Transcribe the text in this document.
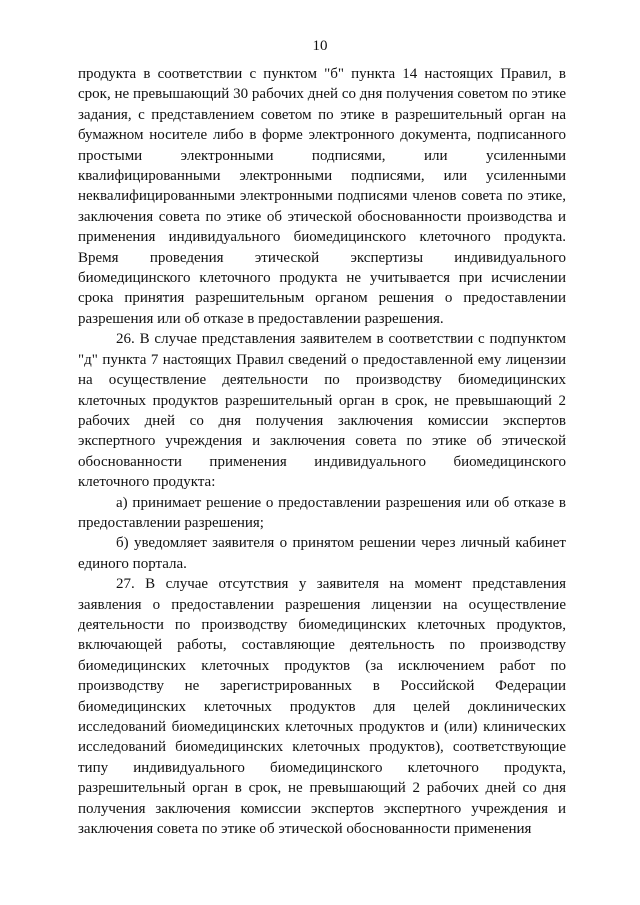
10

продукта в соответствии с пунктом "б" пункта 14 настоящих Правил, в срок, не превышающий 30 рабочих дней со дня получения советом по этике задания, с представлением советом по этике в разрешительный орган на бумажном носителе либо в форме электронного документа, подписанного простыми электронными подписями, или усиленными квалифицированными электронными подписями, или усиленными неквалифицированными электронными подписями членов совета по этике, заключения совета по этике об этической обоснованности производства и применения индивидуального биомедицинского клеточного продукта. Время проведения этической экспертизы индивидуального биомедицинского клеточного продукта не учитывается при исчислении срока принятия разрешительным органом решения о предоставлении разрешения или об отказе в предоставлении разрешения.

26. В случае представления заявителем в соответствии с подпунктом "д" пункта 7 настоящих Правил сведений о предоставленной ему лицензии на осуществление деятельности по производству биомедицинских клеточных продуктов разрешительный орган в срок, не превышающий 2 рабочих дней со дня получения заключения комиссии экспертов экспертного учреждения и заключения совета по этике об этической обоснованности применения индивидуального биомедицинского клеточного продукта:

а) принимает решение о предоставлении разрешения или об отказе в предоставлении разрешения;

б) уведомляет заявителя о принятом решении через личный кабинет единого портала.

27. В случае отсутствия у заявителя на момент представления заявления о предоставлении разрешения лицензии на осуществление деятельности по производству биомедицинских клеточных продуктов, включающей работы, составляющие деятельность по производству биомедицинских клеточных продуктов (за исключением работ по производству не зарегистрированных в Российской Федерации биомедицинских клеточных продуктов для целей доклинических исследований биомедицинских клеточных продуктов и (или) клинических исследований биомедицинских клеточных продуктов), соответствующие типу индивидуального биомедицинского клеточного продукта, разрешительный орган в срок, не превышающий 2 рабочих дней со дня получения заключения комиссии экспертов экспертного учреждения и заключения совета по этике об этической обоснованности применения
